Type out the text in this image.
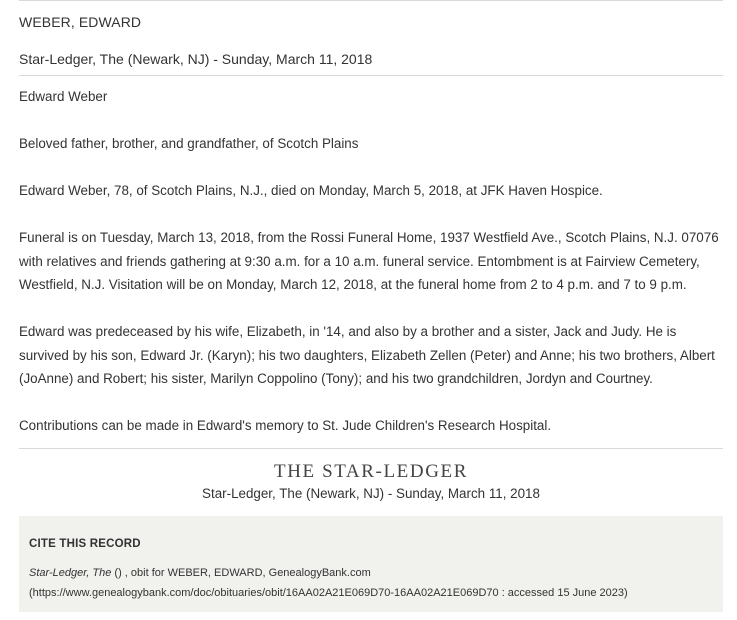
WEBER, EDWARD
Star-Ledger, The (Newark, NJ) - Sunday, March 11, 2018

Edward Weber

Beloved father, brother, and grandfather, of Scotch Plains

Edward Weber, 78, of Scotch Plains, N.J., died on Monday, March 5, 2018, at JFK Haven Hospice.

Funeral is on Tuesday, March 13, 2018, from the Rossi Funeral Home, 1937 Westfield Ave., Scotch Plains, N.J. 07076 with relatives and friends gathering at 9:30 a.m. for a 10 a.m. funeral service. Entombment is at Fairview Cemetery, Westfield, N.J. Visitation will be on Monday, March 12, 2018, at the funeral home from 2 to 4 p.m. and 7 to 9 p.m.

Edward was predeceased by his wife, Elizabeth, in '14, and also by a brother and a sister, Jack and Judy. He is survived by his son, Edward Jr. (Karyn); his two daughters, Elizabeth Zellen (Peter) and Anne; his two brothers, Albert (JoAnne) and Robert; his sister, Marilyn Coppolino (Tony); and his two grandchildren, Jordyn and Courtney.

Contributions can be made in Edward's memory to St. Jude Children's Research Hospital.

THE STAR-LEDGER
Star-Ledger, The (Newark, NJ) - Sunday, March 11, 2018
CITE THIS RECORD
Star-Ledger, The () , obit for WEBER, EDWARD, GenealogyBank.com (https://www.genealogybank.com/doc/obituaries/obit/16AA02A21E069D70-16AA02A21E069D70 : accessed 15 June 2023)
